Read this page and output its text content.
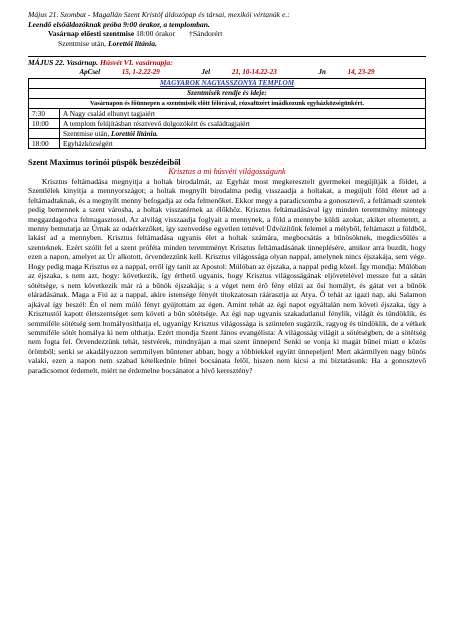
Május 21. Szombat - Magallán Szent Kristóf áldozópap és társai, mexikói vértanúk e.:

Leendő elsőáldozóknak próba 9:00 órakor, a templomban.

Vasárnap előesti szentmise 18:00 órakor †Sándorért

Szentmise után, Lorettói litánia.

MÁJUS 22. Vasárnap. Húsvét VI. vasárnapja:

ApCsel	15, 1-2.22-29	Jel	21, 10-14.22-23	Jn	14, 23-29

MAGYAROK NAGYASSZONYA TEMPLOM	
Szentmisék rendje és ideje:	
Vasárnapon és főünnepen a szentmisék előtt félórával, rózsafüzért imádkozunk egyházközségünkért.	
7:30	A Nagy család elhunyt tagjaiért
10:00	A templom felújításban résztvevő dolgozókért és családtagjaiért
	Szentmise után, Lorettói litánia.
18:00	Egyházközségért

Szent Maximus torinói püspök beszédeiből

Krisztus a mi húsvéti világosságunk

Krisztus feltámadása megnyitja a holtak birodalmát, az Egyház most megkeresztelt gyermekei megújítják a földet, a Szentlélek kinyitja a mennyországot; a holtak megnyílt birodalma pedig visszaadja a holtakat, a megújult föld életet ad a feltámadtaknak, és a megnyílt menny befogadja az oda felmenőket. Ekkor megy a paradicsomba a gonosztevő, a feltámadt szentek pedig bemennek a szent városba, a holtak visszatérnek az élőkhöz. Krisztus feltámadásával így minden teremtmény mintegy meggazdagodva felmagasztosul. Az alvilág visszaadja foglyait a mennynek, a föld a mennybe küldi azokat, akiket eltemetett, a menny bemutatja az Úrnak az odaérkezőket, így szenvedése egyetlen tettével Üdvözítőnk felemel a mélyből, feltámaszt a földből, lakást ad a mennyben. Krisztus feltámadása ugyanis élet a holtak számára, megbocsátás a bűnösöknek, megdicsőülés a szenteknek. Ezért szólít fel a szent próféta minden teremtményt Krisztus feltámadásának ünneplésére, amikor arra buzdít, hogy ezen a napon, amelyet az Úr alkotott, örvendezzünk kell. Krisztus világossága olyan nappal, amelynek nincs éjszakája, sem vége. Hogy pedig maga Krisztus ez a nappal, erről így tanít az Apostol: Múlóban az éjszaka, a nappal pedig közel. Így mondja: Múlóban az éjszaka, s nem azt, hogy: következik, így érthető ugyanis, hogy Krisztus világosságának eljövetelével messze fut a sátán sötétsége, s nem következik már rá a bűnök éjszakája; s a véget nem érő fény elűzi az ősi homályt, és gátat vet a bűnök eláradásának. Maga a Fiú az a nappal, akire istensége fényét titokzatosan ráárasztja az Atya. Ő tehát az igazi nap, aki Salamon ajkával így beszél: Én el nem múló fényt gyújtottam az égen. Amint tehát az égi napot egyáltalán nem követi éjszaka, úgy a Krisztustól kapott életszentséget sem követi a bűn sötétsége. Az égi nap ugyanis szakadatlanul fénylik, világít és tündöklik, és semmiféle sötétség sem homályosíthatja el, ugyanígy Krisztus világossága is szüntelen sugárzik, ragyog és tündöklik, de a vétkek semmiféle sötét homálya ki nem olthatja. Ezért mondja Szent János evangélista: A világosság világít a sötétségben, de a sötétség nem fogta fel. Örvendezzünk tehát, testvérek, mindnyájan a mai szent ünnepen! Senki se vonja ki magát bűnei miatt e közös örömből; senki se akadályozzon semmilyen bűntener abban, hogy a többiekkel együtt ünnepeljen! Mert akármilyen nagy bűnös valaki, ezen a napon nem szabad kételkednie bűnei bocsánata felől, hiszen nem kicsi a mi biztatásunk: Ha a gonosztevő paradicsomot érdemelt, miért ne érdemelne bocsánatot a hívő keresztény?
